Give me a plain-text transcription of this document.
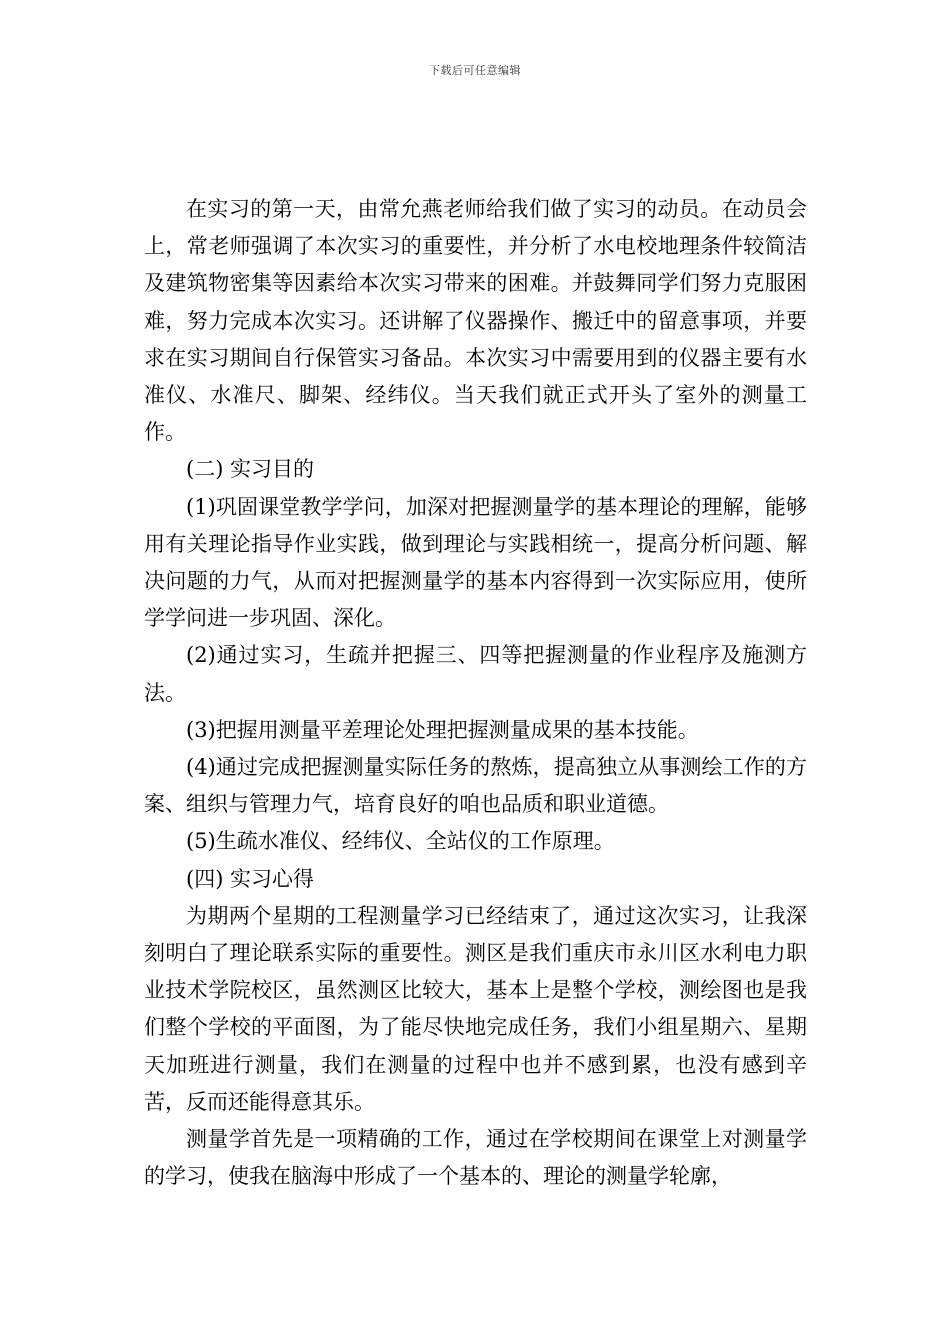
下载后可任意编辑

在实习的第一天，由常允燕老师给我们做了实习的动员。在动员会上，常老师强调了本次实习的重要性，并分析了水电校地理条件较简洁及建筑物密集等因素给本次实习带来的困难。并鼓舞同学们努力克服困难，努力完成本次实习。还讲解了仪器操作、搬迁中的留意事项，并要求在实习期间自行保管实习备品。本次实习中需要用到的仪器主要有水准仪、水准尺、脚架、经纬仪。当天我们就正式开头了室外的测量工作。

(二) 实习目的

(1)巩固课堂教学学问，加深对把握测量学的基本理论的理解，能够用有关理论指导作业实践，做到理论与实践相统一，提高分析问题、解决问题的力气，从而对把握测量学的基本内容得到一次实际应用，使所学学问进一步巩固、深化。

(2)通过实习，生疏并把握三、四等把握测量的作业程序及施测方法。

(3)把握用测量平差理论处理把握测量成果的基本技能。

(4)通过完成把握测量实际任务的熬炼，提高独立从事测绘工作的方案、组织与管理力气，培育良好的咱也品质和职业道德。

(5)生疏水准仪、经纬仪、全站仪的工作原理。

(四) 实习心得

为期两个星期的工程测量学习已经结束了，通过这次实习，让我深刻明白了理论联系实际的重要性。测区是我们重庆市永川区水利电力职业技术学院校区，虽然测区比较大，基本上是整个学校，测绘图也是我们整个学校的平面图，为了能尽快地完成任务，我们小组星期六、星期天加班进行测量，我们在测量的过程中也并不感到累，也没有感到辛苦，反而还能得意其乐。

测量学首先是一项精确的工作，通过在学校期间在课堂上对测量学的学习，使我在脑海中形成了一个基本的、理论的测量学轮廓，
